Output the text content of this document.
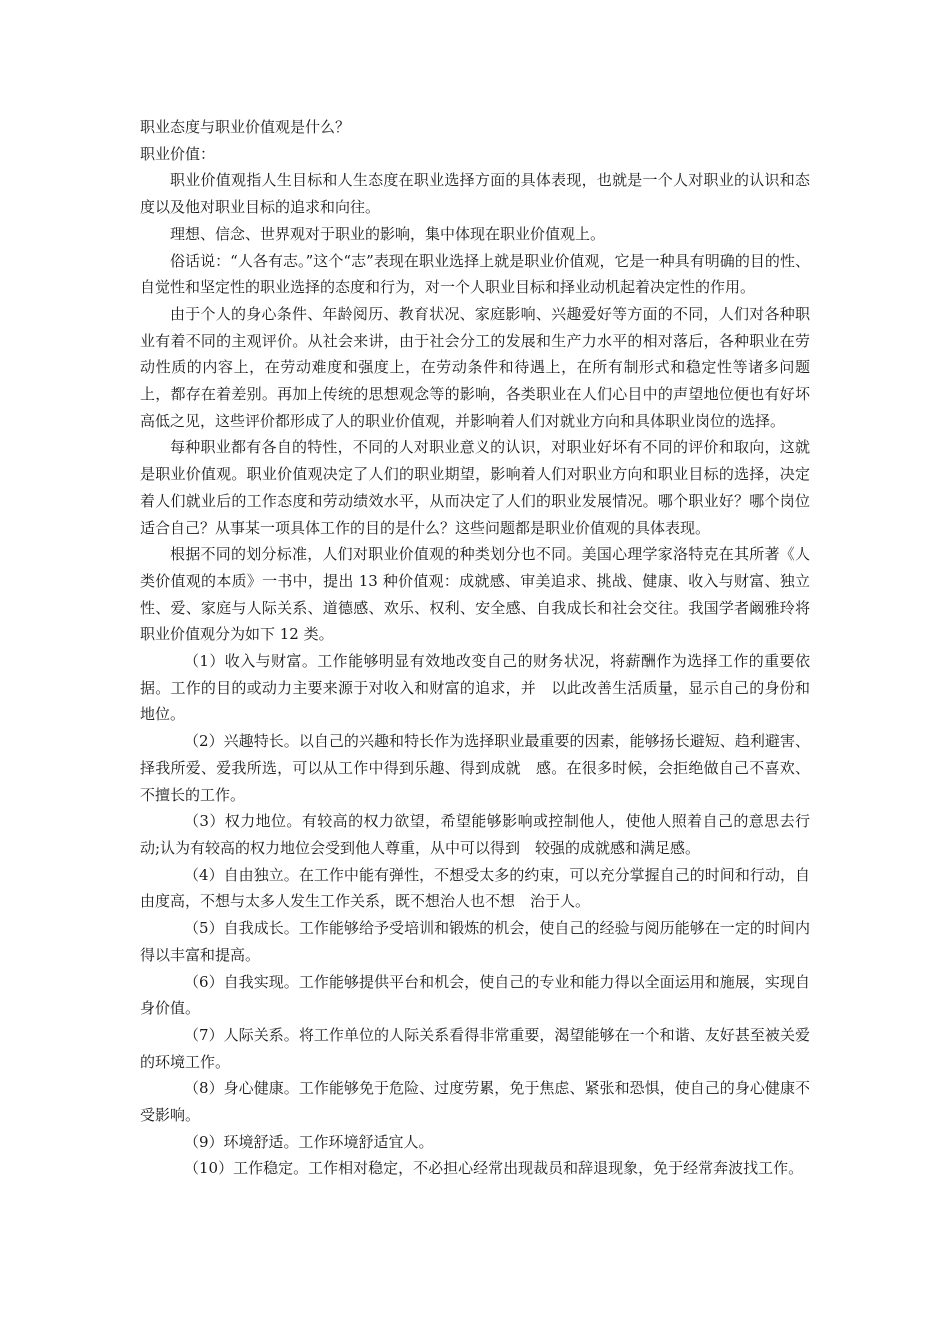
职业态度与职业价值观是什么？

职业价值：

职业价值观指人生目标和人生态度在职业选择方面的具体表现，也就是一个人对职业的认识和态度以及他对职业目标的追求和向往。

理想、信念、世界观对于职业的影响，集中体现在职业价值观上。

俗话说：“人各有志。”这个“志”表现在职业选择上就是职业价值观，它是一种具有明确的目的性、自觉性和坚定性的职业选择的态度和行为，对一个人职业目标和择业动机起着决定性的作用。

由于个人的身心条件、年龄阅历、教育状况、家庭影响、兴趣爱好等方面的不同，人们对各种职业有着不同的主观评价。从社会来讲，由于社会分工的发展和生产力水平的相对落后，各种职业在劳动性质的内容上，在劳动难度和强度上，在劳动条件和待遇上，在所有制形式和稳定性等诸多问题上，都存在着差别。再加上传统的思想观念等的影响，各类职业在人们心目中的声望地位便也有好坏高低之见，这些评价都形成了人的职业价值观，并影响着人们对就业方向和具体职业岗位的选择。

每种职业都有各自的特性，不同的人对职业意义的认识，对职业好坏有不同的评价和取向，这就是职业价值观。职业价值观决定了人们的职业期望，影响着人们对职业方向和职业目标的选择，决定着人们就业后的工作态度和劳动绩效水平，从而决定了人们的职业发展情况。哪个职业好？哪个岗位适合自己？从事某一项具体工作的目的是什么？这些问题都是职业价值观的具体表现。

根据不同的划分标准，人们对职业价值观的种类划分也不同。美国心理学家洛特克在其所著《人类价值观的本质》一书中，提出 13 种价值观：成就感、审美追求、挑战、健康、收入与财富、独立性、爱、家庭与人际关系、道德感、欢乐、权利、安全感、自我成长和社会交往。我国学者阚雅玲将职业价值观分为如下 12 类。

（1）收入与财富。工作能够明显有效地改变自己的财务状况，将薪酬作为选择工作的重要依据。工作的目的或动力主要来源于对收入和财富的追求，并　以此改善生活质量，显示自己的身份和地位。

（2）兴趣特长。以自己的兴趣和特长作为选择职业最重要的因素，能够扬长避短、趋利避害、择我所爱、爱我所选，可以从工作中得到乐趣、得到成就　感。在很多时候，会拒绝做自己不喜欢、不擅长的工作。

（3）权力地位。有较高的权力欲望，希望能够影响或控制他人，使他人照着自己的意思去行动;认为有较高的权力地位会受到他人尊重，从中可以得到　较强的成就感和满足感。

（4）自由独立。在工作中能有弹性，不想受太多的约束，可以充分掌握自己的时间和行动，自由度高，不想与太多人发生工作关系，既不想治人也不想　治于人。

（5）自我成长。工作能够给予受培训和锻炼的机会，使自己的经验与阅历能够在一定的时间内得以丰富和提高。

（6）自我实现。工作能够提供平台和机会，使自己的专业和能力得以全面运用和施展，实现自身价值。

（7）人际关系。将工作单位的人际关系看得非常重要，渴望能够在一个和谐、友好甚至被关爱的环境工作。

（8）身心健康。工作能够免于危险、过度劳累，免于焦虑、紧张和恐惧，使自己的身心健康不受影响。

（9）环境舒适。工作环境舒适宜人。

（10）工作稳定。工作相对稳定，不必担心经常出现裁员和辞退现象，免于经常奔波找工作。
